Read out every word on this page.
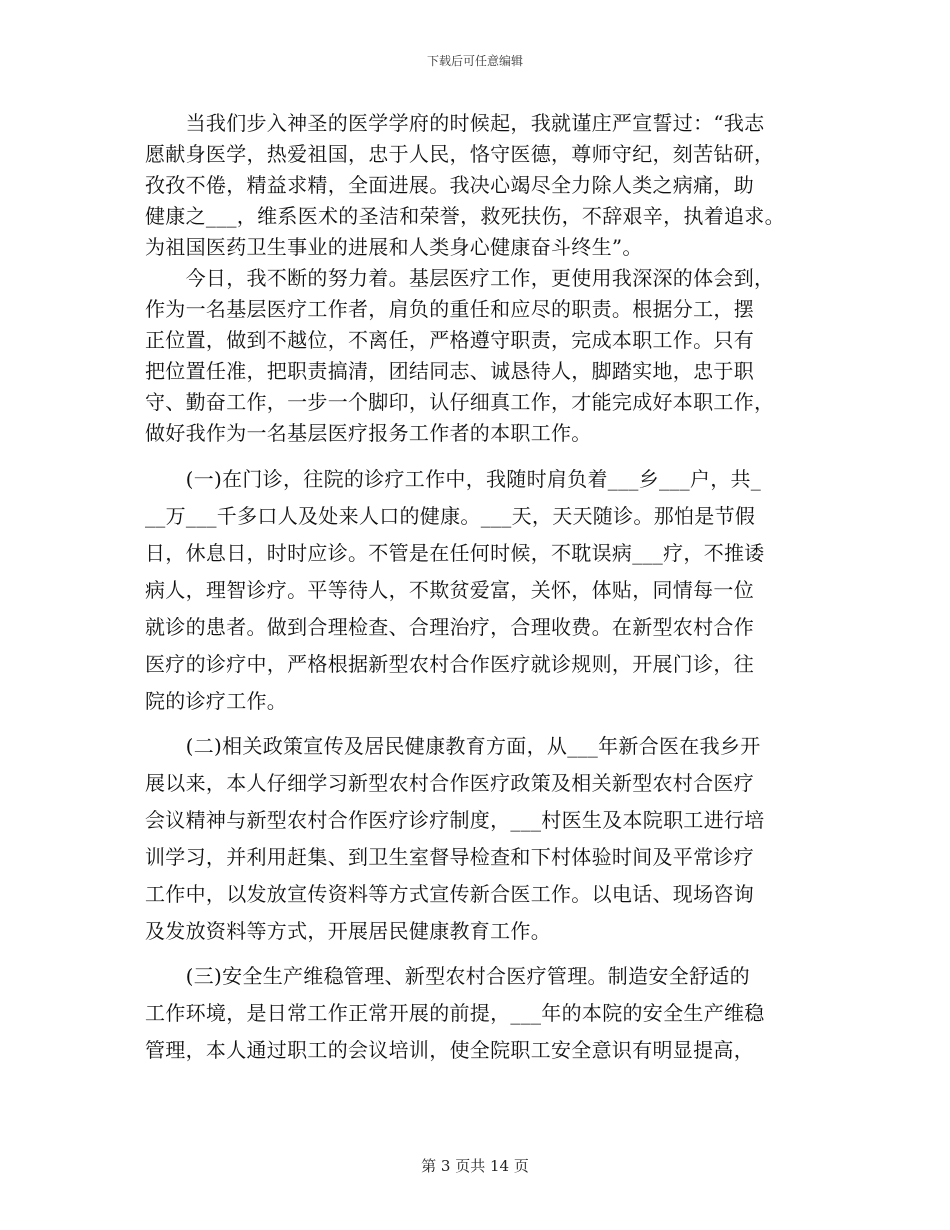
下载后可任意编辑
　　当我们步入神圣的医学学府的时候起，我就谨庄严宣誓过：“我志
愿献身医学，热爱祖国，忠于人民，恪守医德，尊师守纪，刻苦钻研，
孜孜不倦，精益求精，全面进展。我决心竭尽全力除人类之病痛，助
健康之___，维系医术的圣洁和荣誉，救死扶伤，不辞艰辛，执着追求。
为祖国医药卫生事业的进展和人类身心健康奋斗终生”。
　　今日，我不断的努力着。基层医疗工作，更使用我深深的体会到，
作为一名基层医疗工作者，肩负的重任和应尽的职责。根据分工，摆
正位置，做到不越位，不离任，严格遵守职责，完成本职工作。只有
把位置任准，把职责搞清，团结同志、诚恳待人，脚踏实地，忠于职
守、勤奋工作，一步一个脚印，认仔细真工作，才能完成好本职工作，
做好我作为一名基层医疗报务工作者的本职工作。
　　(一)在门诊，往院的诊疗工作中，我随时肩负着___乡___户，共_
__万___千多口人及处来人口的健康。___天，天天随诊。那怕是节假
日，休息日，时时应诊。不管是在任何时候，不耽误病___疗，不推诿
病人，理智诊疗。平等待人，不欺贫爱富，关怀，体贴，同情每一位
就诊的患者。做到合理检查、合理治疗，合理收费。在新型农村合作
医疗的诊疗中，严格根据新型农村合作医疗就诊规则，开展门诊，往
院的诊疗工作。
　　(二)相关政策宣传及居民健康教育方面，从___年新合医在我乡开
展以来，本人仔细学习新型农村合作医疗政策及相关新型农村合医疗
会议精神与新型农村合作医疗诊疗制度，___村医生及本院职工进行培
训学习，并利用赶集、到卫生室督导检查和下村体验时间及平常诊疗
工作中，以发放宣传资料等方式宣传新合医工作。以电话、现场咨询
及发放资料等方式，开展居民健康教育工作。
　　(三)安全生产维稳管理、新型农村合医疗管理。制造安全舒适的
工作环境，是日常工作正常开展的前提，___年的本院的安全生产维稳
管理，本人通过职工的会议培训，使全院职工安全意识有明显提高，
第 3 页共 14 页
